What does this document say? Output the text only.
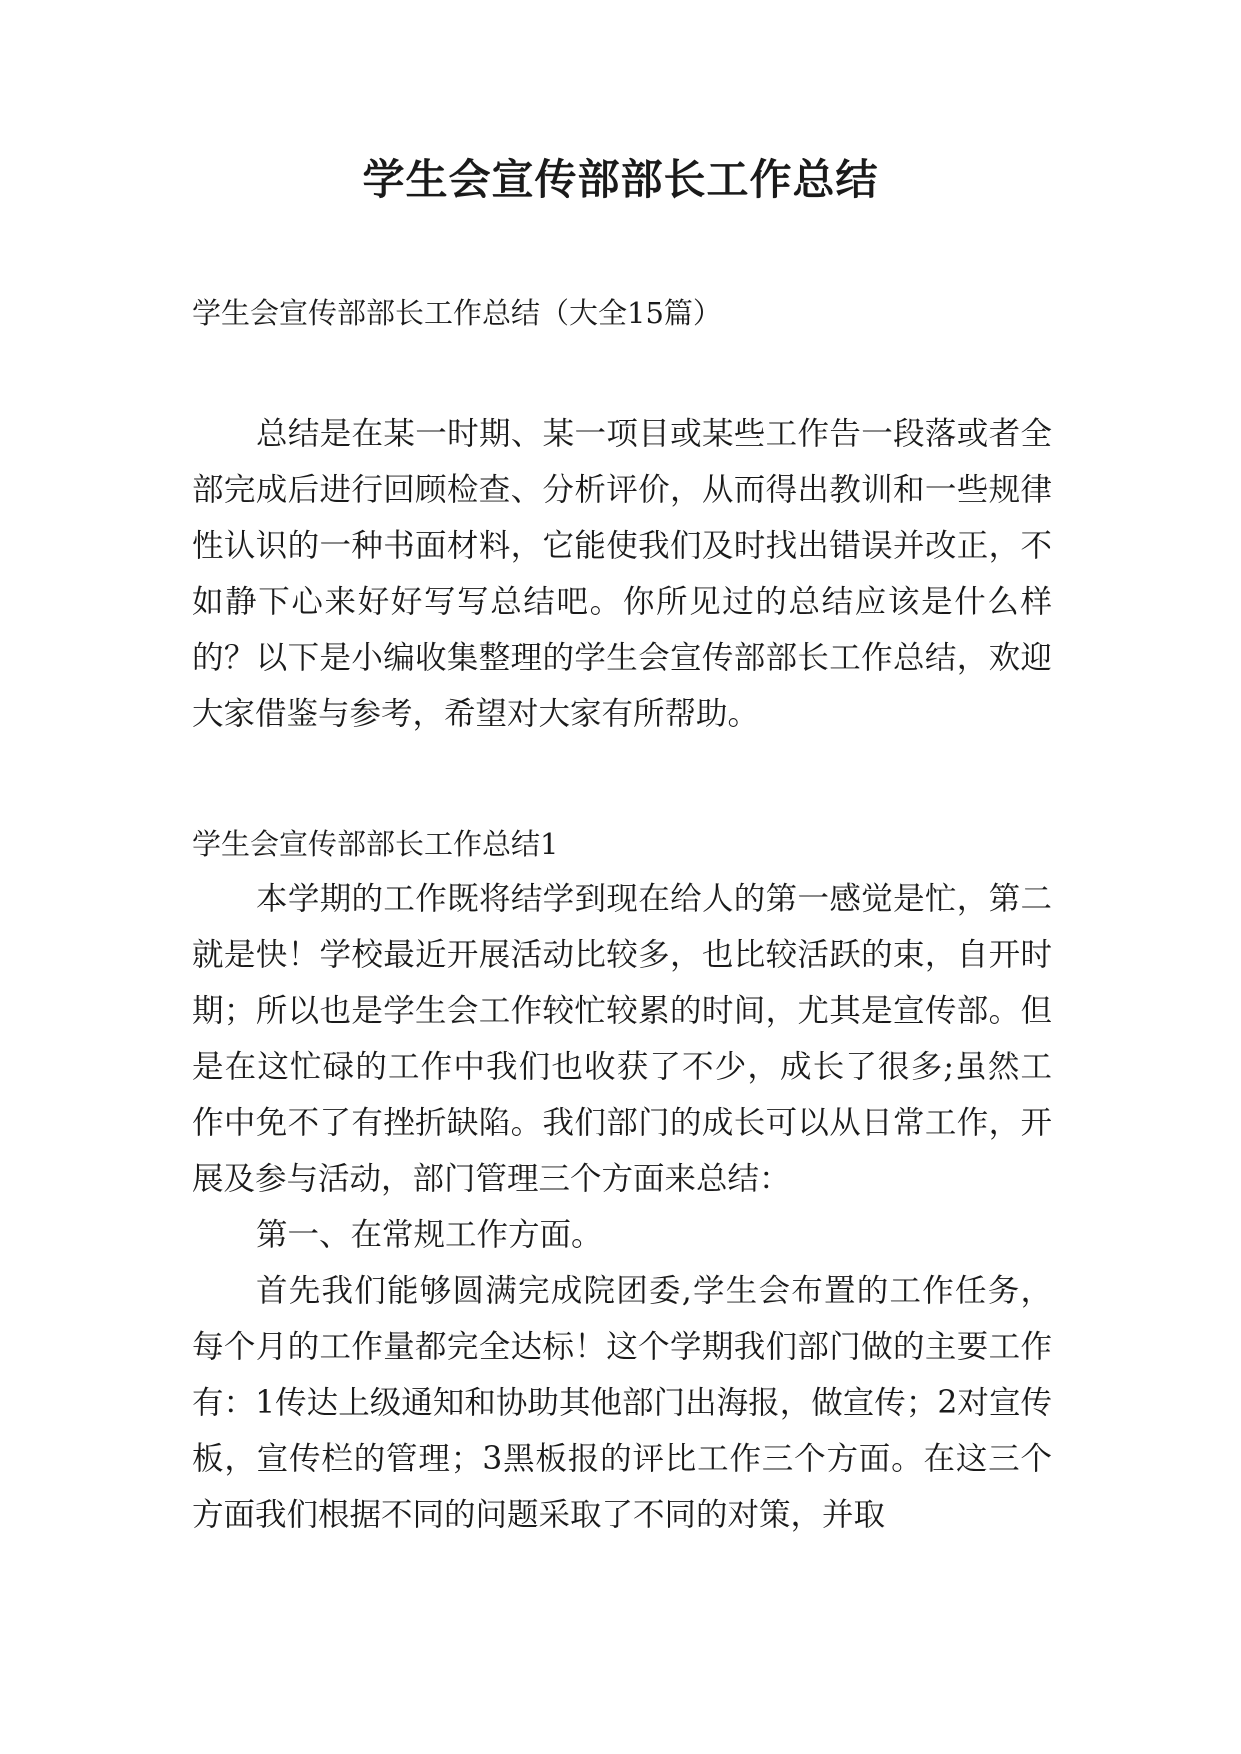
学生会宣传部部长工作总结

学生会宣传部部长工作总结（大全15篇）

总结是在某一时期、某一项目或某些工作告一段落或者全部完成后进行回顾检查、分析评价，从而得出教训和一些规律性认识的一种书面材料，它能使我们及时找出错误并改正，不如静下心来好好写写总结吧。你所见过的总结应该是什么样的？以下是小编收集整理的学生会宣传部部长工作总结，欢迎大家借鉴与参考，希望对大家有所帮助。

学生会宣传部部长工作总结1

本学期的工作既将结学到现在给人的第一感觉是忙，第二就是快！学校最近开展活动比较多，也比较活跃的束，自开时期；所以也是学生会工作较忙较累的时间，尤其是宣传部。但是在这忙碌的工作中我们也收获了不少，成长了很多;虽然工作中免不了有挫折缺陷。我们部门的成长可以从日常工作，开展及参与活动，部门管理三个方面来总结：

第一、在常规工作方面。

首先我们能够圆满完成院团委,学生会布置的工作任务，每个月的工作量都完全达标！这个学期我们部门做的主要工作有：1传达上级通知和协助其他部门出海报，做宣传；2对宣传板，宣传栏的管理；3黑板报的评比工作三个方面。在这三个方面我们根据不同的问题采取了不同的对策，并取
